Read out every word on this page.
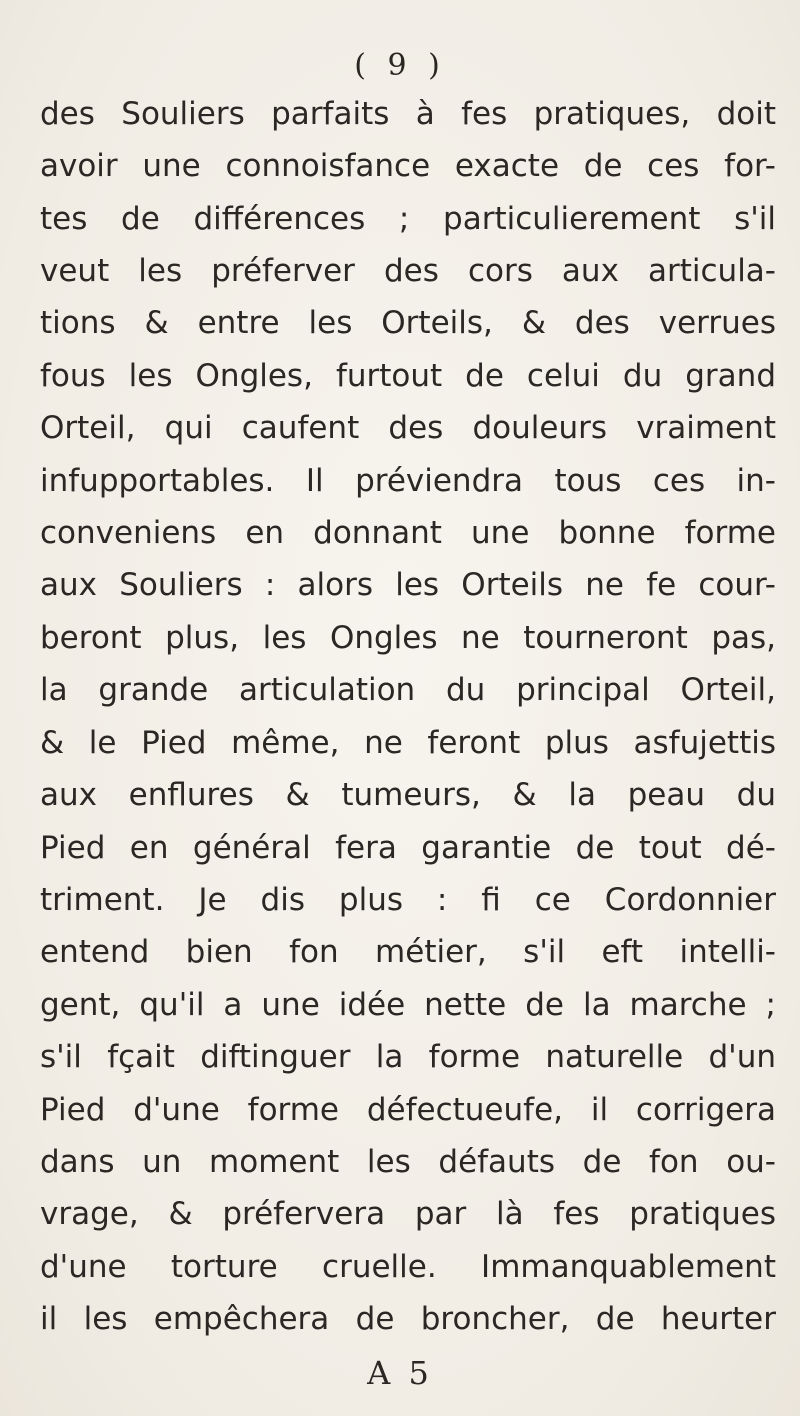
( 9 )
des Souliers parfaits à fes pratiques, doit
avoir une connoisfance exacte de ces for-
tes de différences ; particulierement s'il
veut les préferver des cors aux articula-
tions & entre les Orteils, & des verrues
fous les Ongles, furtout de celui du grand
Orteil, qui caufent des douleurs vraiment
infupportables. Il préviendra tous ces in-
conveniens en donnant une bonne forme
aux Souliers : alors les Orteils ne fe cour-
beront plus, les Ongles ne tourneront pas,
la grande articulation du principal Orteil,
& le Pied même, ne feront plus asfujettis
aux enflures & tumeurs, & la peau du
Pied en général fera garantie de tout dé-
triment. Je dis plus : fi ce Cordonnier
entend bien fon métier, s'il eft intelli-
gent, qu'il a une idée nette de la marche ;
s'il fçait diftinguer la forme naturelle d'un
Pied d'une forme défectueufe, il corrigera
dans un moment les défauts de fon ou-
vrage, & préfervera par là fes pratiques
d'une torture cruelle. Immanquablement
il les empêchera de broncher, de heurter
A 5
